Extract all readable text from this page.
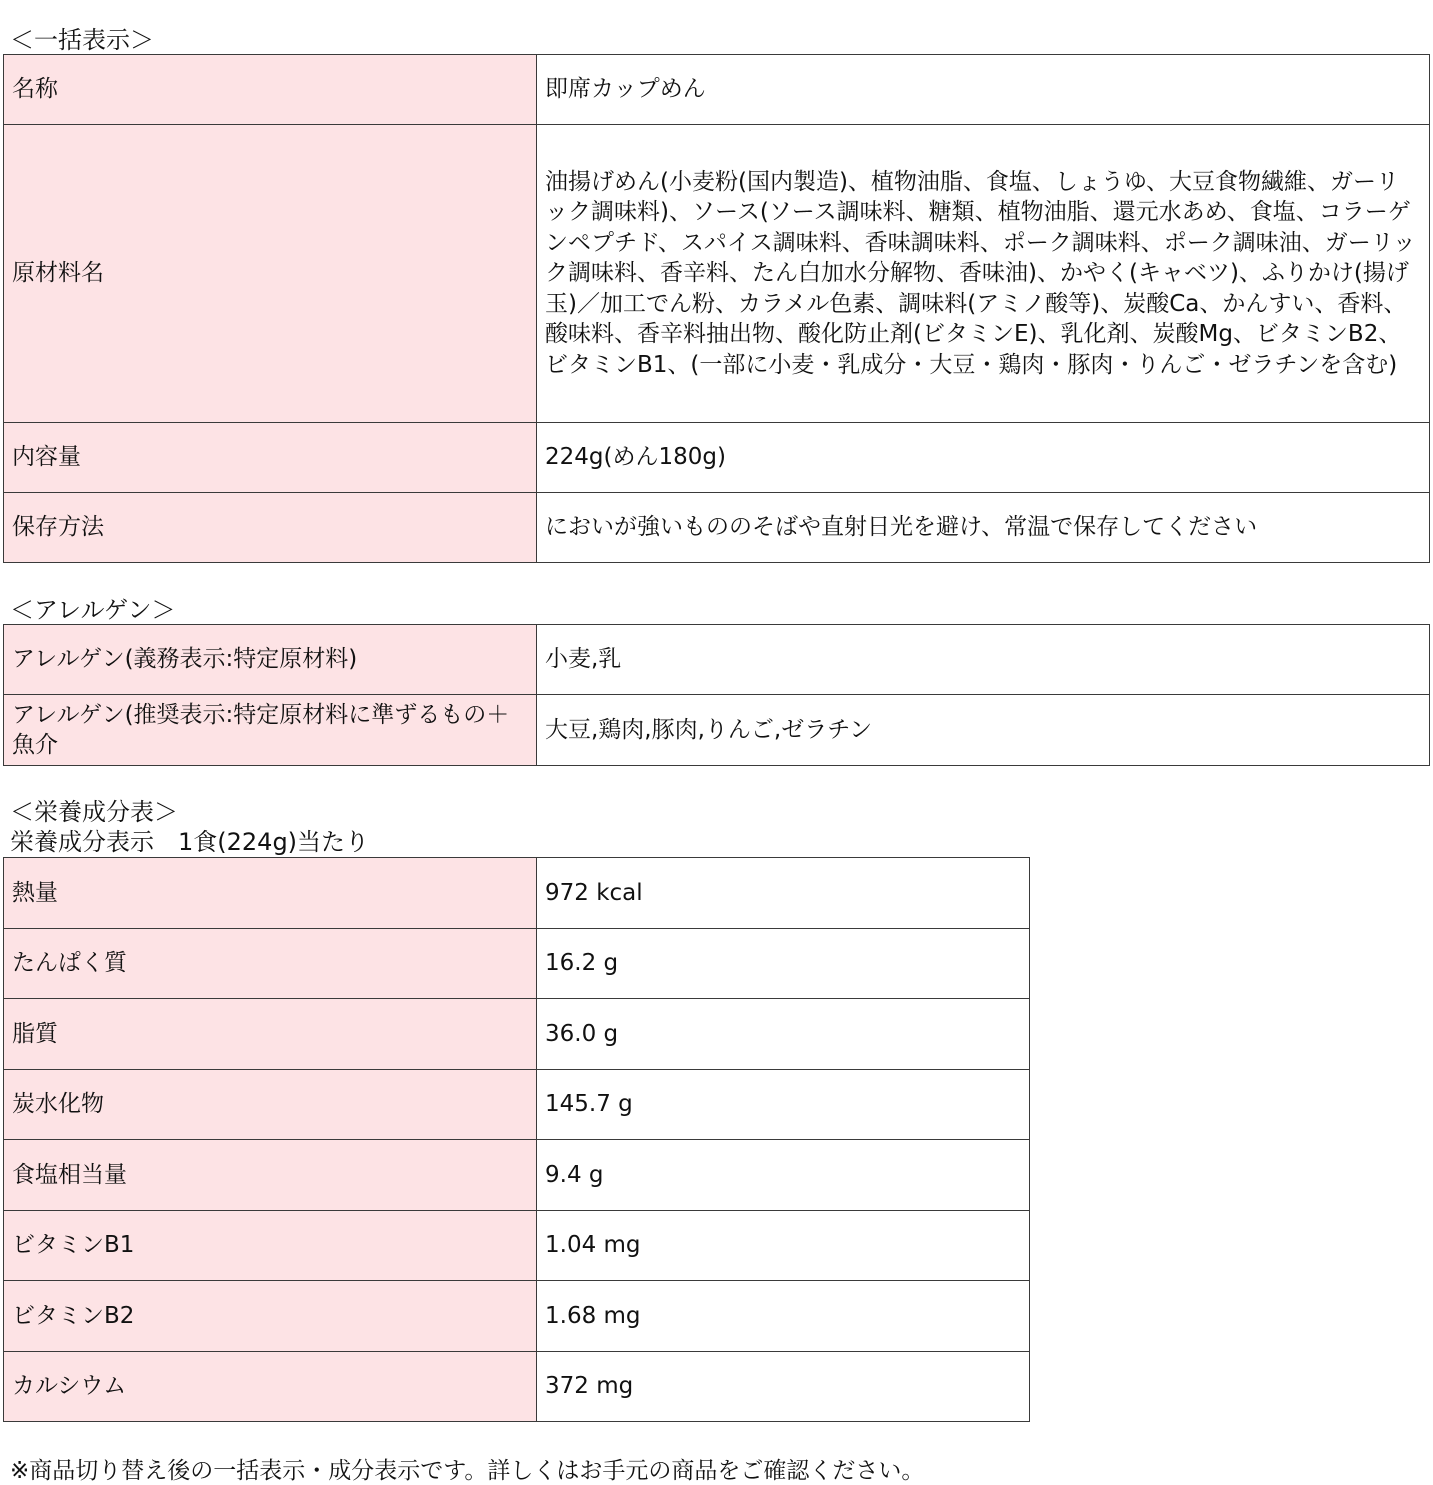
＜一括表示＞
名称	即席カップめん
原材料名	油揚げめん(小麦粉(国内製造)、植物油脂、食塩、しょうゆ、大豆食物繊維、ガーリック調味料)、ソース(ソース調味料、糖類、植物油脂、還元水あめ、食塩、コラーゲンペプチド、スパイス調味料、香味調味料、ポーク調味料、ポーク調味油、ガーリック調味料、香辛料、たん白加水分解物、香味油)、かやく(キャベツ)、ふりかけ(揚げ玉)／加工でん粉、カラメル色素、調味料(アミノ酸等)、炭酸Ca、かんすい、香料、酸味料、香辛料抽出物、酸化防止剤(ビタミンE)、乳化剤、炭酸Mg、ビタミンB2、ビタミンB1、(一部に小麦・乳成分・大豆・鶏肉・豚肉・りんご・ゼラチンを含む)
内容量	224g(めん180g)
保存方法	においが強いもののそばや直射日光を避け、常温で保存してください
＜アレルゲン＞
アレルゲン(義務表示:特定原材料)	小麦,乳
アレルゲン(推奨表示:特定原材料に準ずるもの＋魚介	大豆,鶏肉,豚肉,りんご,ゼラチン
＜栄養成分表＞
栄養成分表示　1食(224g)当たり
熱量	972 kcal
たんぱく質	16.2 g
脂質	36.0 g
炭水化物	145.7 g
食塩相当量	9.4 g
ビタミンB1	1.04 mg
ビタミンB2	1.68 mg
カルシウム	372 mg
※商品切り替え後の一括表示・成分表示です。詳しくはお手元の商品をご確認ください。
